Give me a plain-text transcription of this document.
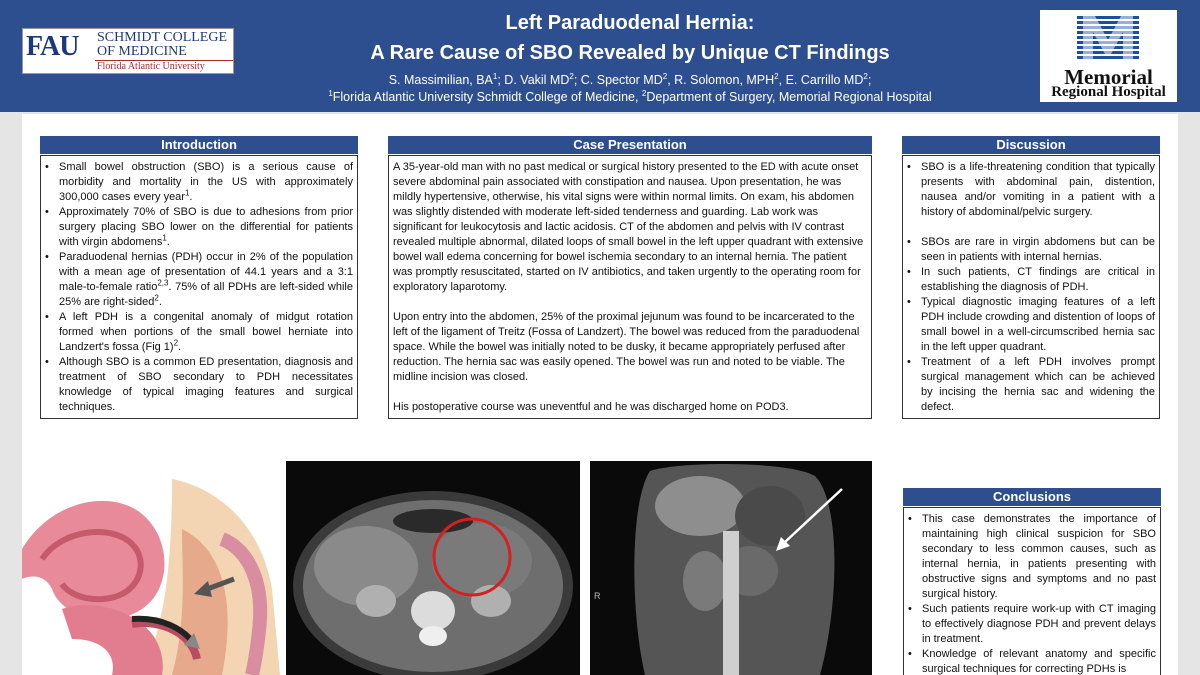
FAU SCHMIDT COLLEGE
OF MEDICINE
Florida Atlantic University
Left Paraduodenal Hernia:
A Rare Cause of SBO Revealed by Unique CT Findings
S. Massimilian, $BA^1$; D. Vakil $MD^2$; C. Spector $MD^2$, R. Solomon, MPH$^2$, E. Carrillo $MD^2$;
$^1$Florida Atlantic University Schmidt College of Medicine, $^2$Department of Surgery, Memorial Regional Hospital
Memorial
Regional Hospital
Introduction
• Small bowel obstruction (SBO) is a serious cause of morbidity and mortality in the US with approximately 300,000 cases every year$^1$.
• Approximately 70% of SBO is due to adhesions from prior surgery placing SBO lower on the differential for patients with virgin abdomens$^1$.
• Paraduodenal hernias (PDH) occur in 2% of the population with a mean age of presentation of 44.1 years and a 3:1 male-to-female ratio$^{2,3}$. 75% of all PDHs are left-sided while 25% are right-sided$^2$.
• A left PDH is a congenital anomaly of midgut rotation formed when portions of the small bowel herniate into Landzert's fossa (Fig 1)$^2$.
• Although SBO is a common ED presentation, diagnosis and treatment of SBO secondary to PDH necessitates knowledge of typical imaging features and surgical techniques.
Case Presentation

A 35-year-old man with no past medical or surgical history presented to the ED with acute onset severe abdominal pain associated with constipation and nausea. Upon presentation, he was mildly hypertensive, otherwise, his vital signs were within normal limits. On exam, his abdomen was slightly distended with moderate left-sided tenderness and guarding. Lab work was significant for leukocytosis and lactic acidosis. CT of the abdomen and pelvis with IV contrast revealed multiple abnormal, dilated loops of small bowel in the left upper quadrant with extensive bowel wall edema concerning for bowel ischemia secondary to an internal hernia. The patient was promptly resuscitated, started on IV antibiotics, and taken urgently to the operating room for exploratory laparotomy.

Upon entry into the abdomen, 25% of the proximal jejunum was found to be incarcerated to the left of the ligament of Treitz (Fossa of Landzert). The bowel was reduced from the paraduodenal space. While the bowel was initially noted to be dusky, it became appropriately perfused after reduction. The hernia sac was easily opened. The bowel was run and noted to be viable. The midline incision was closed.

His postoperative course was uneventful and he was discharged home on POD3.

Discussion
• SBO is a life-threatening condition that typically presents with abdominal pain, distention, nausea and/or vomiting in a patient with a history of abdominal/pelvic surgery.
• SBOs are rare in virgin abdomens but can be seen in patients with internal hernias.
• In such patients, CT findings are critical in establishing the diagnosis of PDH.
• Typical diagnostic imaging features of a left PDH include crowding and distention of loops of small bowel in a well-circumscribed hernia sac in the left upper quadrant.
• Treatment of a left PDH involves prompt surgical management which can be achieved by incising the hernia sac and widening the defect.
R
Conclusions
• This case demonstrates the importance of maintaining high clinical suspicion for SBO secondary to less common causes, such as internal hernia, in patients presenting with obstructive signs and symptoms and no past surgical history.
• Such patients require work-up with CT imaging to effectively diagnose PDH and prevent delays in treatment.
• Knowledge of relevant anatomy and specific surgical techniques for correcting PDHs is
